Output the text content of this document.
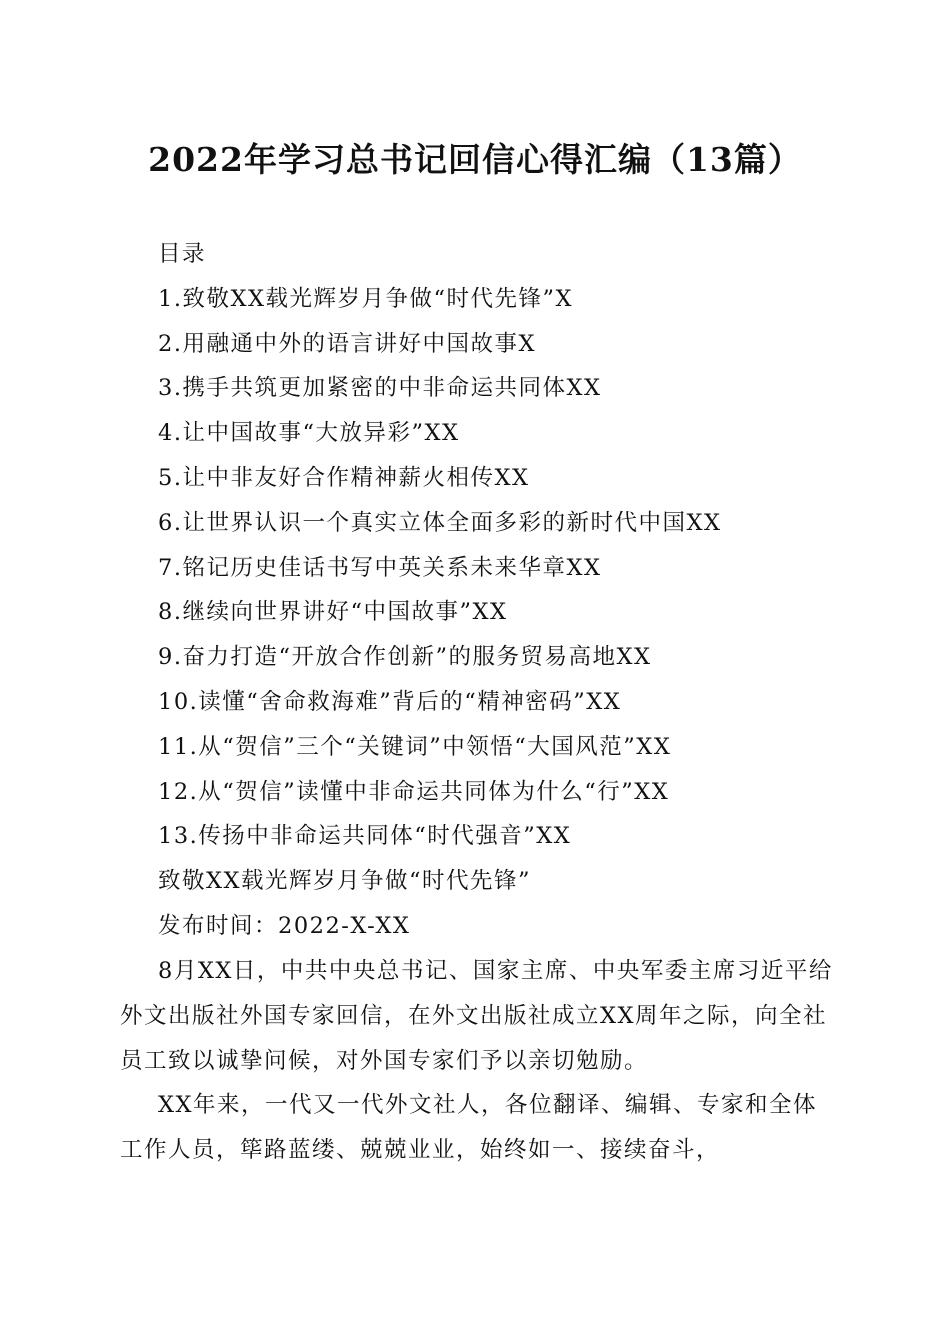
2022年学习总书记回信心得汇编（13篇）
目录
1.致敬XX载光辉岁月争做“时代先锋”X
2.用融通中外的语言讲好中国故事X
3.携手共筑更加紧密的中非命运共同体XX
4.让中国故事“大放异彩”XX
5.让中非友好合作精神薪火相传XX
6.让世界认识一个真实立体全面多彩的新时代中国XX
7.铭记历史佳话书写中英关系未来华章XX
8.继续向世界讲好“中国故事”XX
9.奋力打造“开放合作创新”的服务贸易高地XX
10.读懂“舍命救海难”背后的“精神密码”XX
11.从“贺信”三个“关键词”中领悟“大国风范”XX
12.从“贺信”读懂中非命运共同体为什么“行”XX
13.传扬中非命运共同体“时代强音”XX
致敬XX载光辉岁月争做“时代先锋”
发布时间：2022-X-XX

8月XX日，中共中央总书记、国家主席、中央军委主席习近平给外文出版社外国专家回信，在外文出版社成立XX周年之际，向全社员工致以诚挚问候，对外国专家们予以亲切勉励。

XX年来，一代又一代外文社人，各位翻译、编辑、专家和全体工作人员，筚路蓝缕、兢兢业业，始终如一、接续奋斗，
